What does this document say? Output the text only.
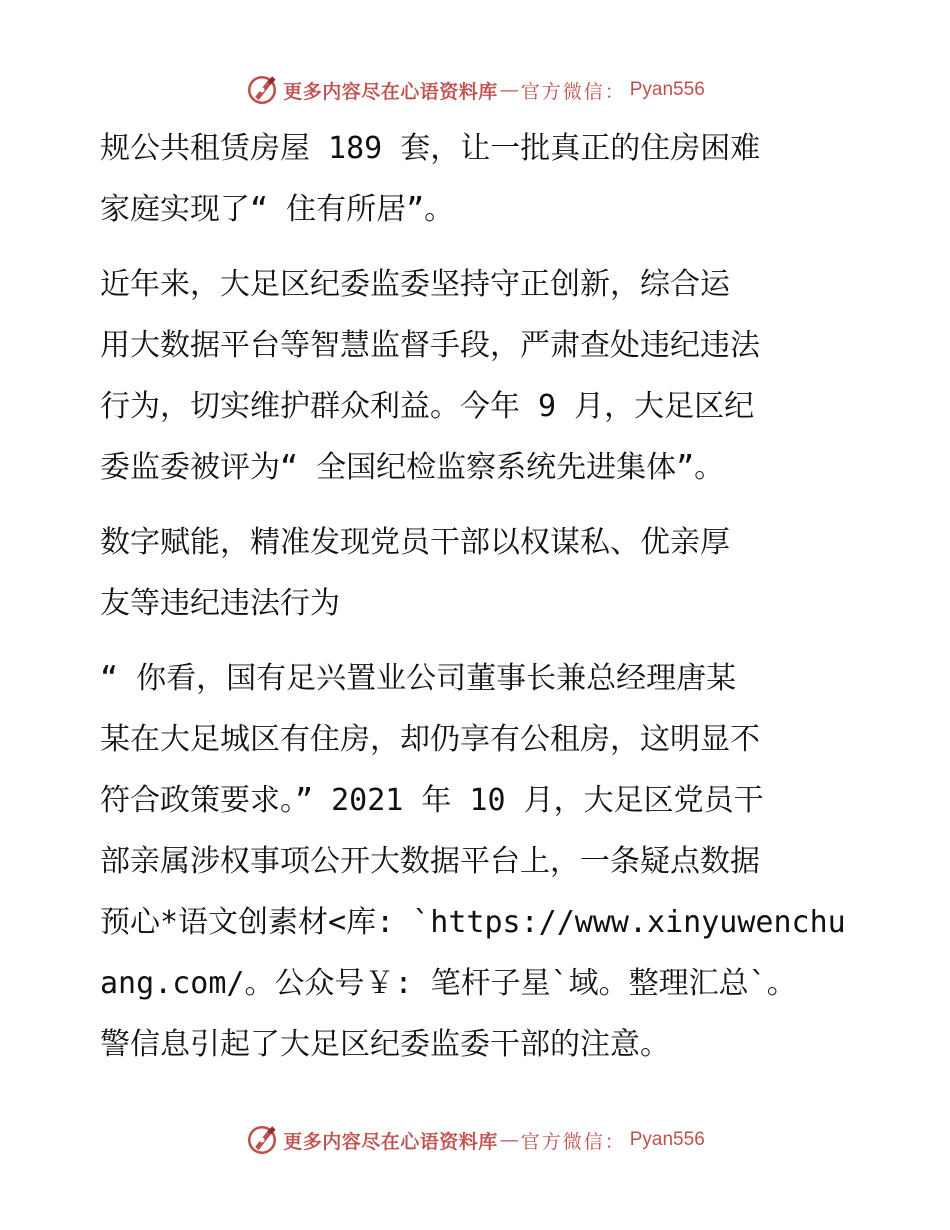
更多内容尽在心语资料库 — 官方微信： Pyan556
规公共租赁房屋 189 套，让一批真正的住房困难
家庭实现了“ 住有所居”。
近年来，大足区纪委监委坚持守正创新，综合运
用大数据平台等智慧监督手段，严肃查处违纪违法
行为，切实维护群众利益。今年 9 月，大足区纪
委监委被评为“ 全国纪检监察系统先进集体”。
数字赋能，精准发现党员干部以权谋私、优亲厚
友等违纪违法行为
“ 你看，国有足兴置业公司董事长兼总经理唐某
某在大足城区有住房，却仍享有公租房，这明显不
符合政策要求。” 2021 年 10 月，大足区党员干
部亲属涉权事项公开大数据平台上，一条疑点数据
预心*语文创素材<库: `https://www.xinyuwenchu
ang.com/。公众号￥: 笔杆子星`域。整理汇总`。
警信息引起了大足区纪委监委干部的注意。
更多内容尽在心语资料库 — 官方微信： Pyan556
